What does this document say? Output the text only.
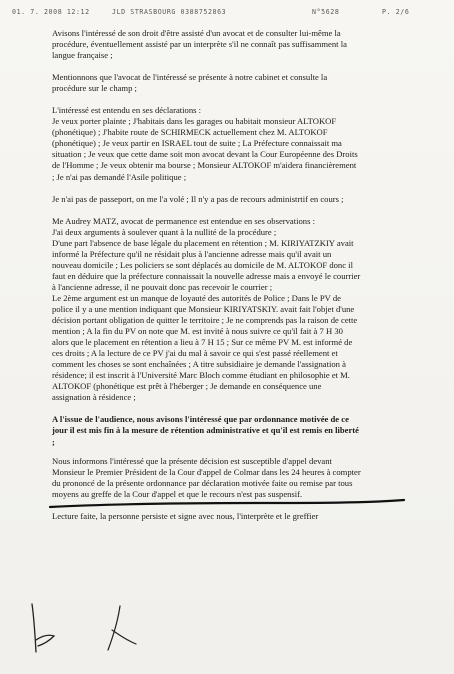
01. 7. 2008 12:12	JLD STRASBOURG 0388752863	N°5628	P. 2/6
Avisons l'intéressé de son droit d'être assisté d'un avocat et de consulter lui-même la
procédure, éventuellement assisté par un interprète s'il ne connaît pas suffisamment la
langue française ;
Mentionnons que l'avocat de l'intéressé se présente à notre cabinet et consulte la
procédure sur le champ ;
L'intéressé est entendu en ses déclarations :
Je veux porter plainte ; J'habitais dans les garages ou habitait monsieur ALTOKOF
(phonétique) ; J'habite route de SCHIRMECK actuellement chez M. ALTOKOF
(phonétique) ; Je veux partir en ISRAEL tout de suite ; La Préfecture connaissait ma
situation ; Je veux que cette dame soit mon avocat devant la Cour Européenne des Droits
de l'Homme ; Je veux obtenir ma bourse ; Monsieur ALTOKOF m'aidera financièrement
; Je n'ai pas demandé l'Asile politique ;
Je n'ai pas de passeport, on me l'a volé ; Il n'y a pas de recours administrtif en cours ;
Me Audrey MATZ, avocat de permanence est entendue en ses observations :
J'ai deux arguments à soulever quant à la nullité de la procédure ;
D'une part l'absence de base légale du placement en rétention ; M. KIRIYATZKIY avait
informé la Préfecture qu'il ne résidait plus à l'ancienne adresse mais qu'il avait un
nouveau domicile ; Les policiers se sont déplacés au domicile de M. ALTOKOF donc il
faut en déduire que la préfecture connaissait la nouvelle adresse mais a envoyé le courrier
à l'ancienne adresse, il ne pouvait donc pas recevoir le courrier ;
Le 2ème argument est un manque de loyauté des autorités de Police ; Dans le PV de
police il y a une mention indiquant que Monsieur KIRIYATSKIY. avait fait l'objet d'une
décision portant obligation de quitter le territoire ; Je ne comprends pas la raison de cette
mention ; A la fin du PV on note que M. est invité à nous suivre ce qu'il fait à 7 H 30
alors que le placement en rétention a lieu à 7 H 15 ; Sur ce même PV M. est informé de
ces droits ; A la lecture de ce PV j'ai du mal à savoir ce qui s'est passé réellement et
comment les choses se sont enchaînées ; A titre subsidiaire je demande l'assignation à
résidence; il est inscrit à l'Université Marc Bloch comme étudiant en philosophie et M.
ALTOKOF (phonétique est prêt à l'héberger ; Je demande en conséquence une
assignation à résidence ;
A l'issue de l'audience, nous avisons l'intéressé que par ordonnance motivée de ce
jour il est mis fin à la mesure de rétention administrative et qu'il est remis en liberté
;
Nous informons l'intéressé que la présente décision est susceptible d'appel devant
Monsieur le Premier Président de la Cour d'appel de Colmar dans les 24 heures à compter
du prononcé de la présente ordonnance par déclaration motivée faite ou remise par tous
moyens au greffe de la Cour d'appel et que le recours n'est pas suspensif.
Lecture faite, la personne persiste et signe avec nous, l'interprète et le greffier
